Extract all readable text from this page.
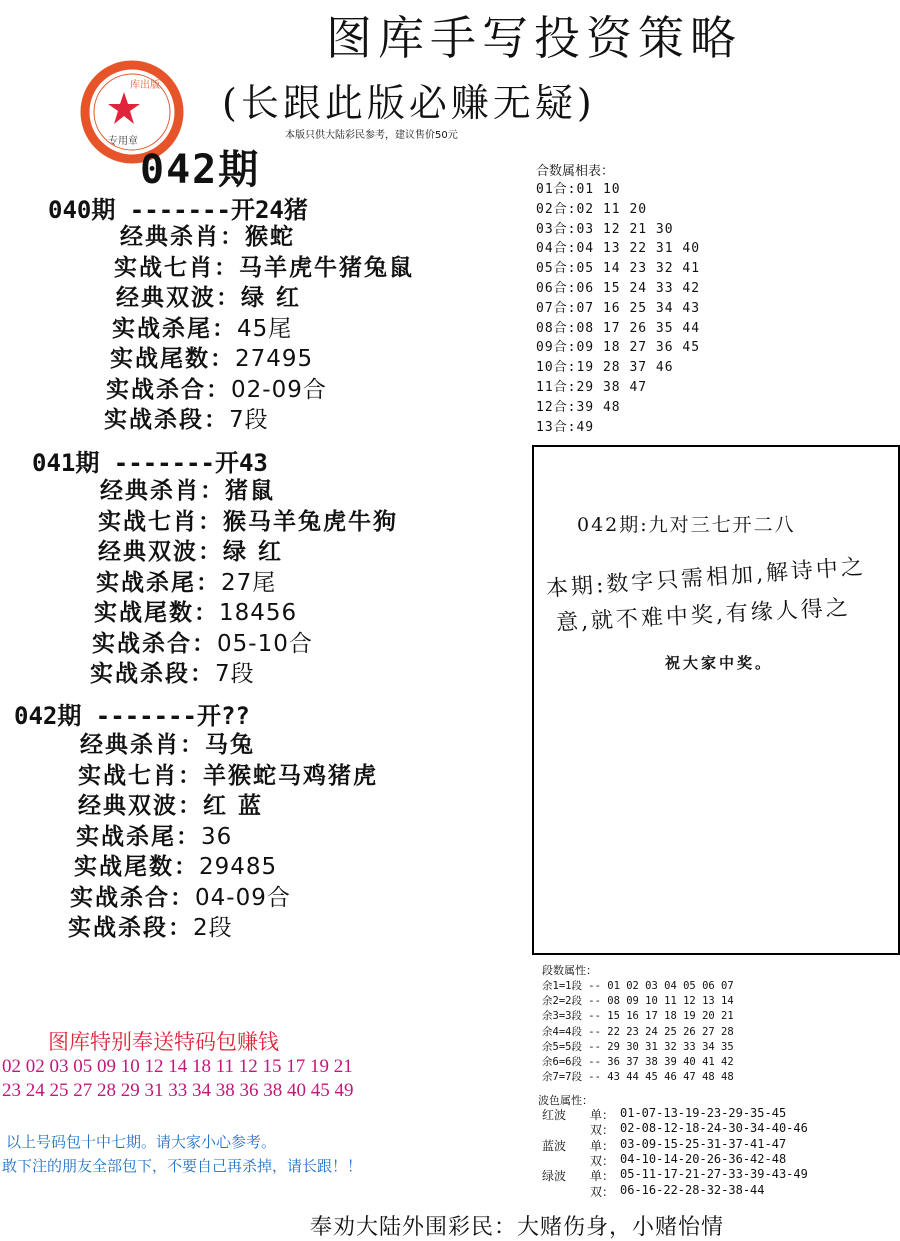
图库手写投资策略
(长跟此版必赚无疑)
本版只供大陆彩民参考，建议售价50元
库出版
专用章
042期
040期 -------开24猪
经典杀肖：猴蛇
实战七肖：马羊虎牛猪兔鼠
经典双波：绿 红
实战杀尾：45尾
实战尾数：27495
实战杀合：02-09合
实战杀段：7段
041期 -------开43
经典杀肖：猪鼠
实战七肖：猴马羊兔虎牛狗
经典双波：绿 红
实战杀尾：27尾
实战尾数：18456
实战杀合：05-10合
实战杀段：7段
042期 -------开??
经典杀肖：马兔
实战七肖：羊猴蛇马鸡猪虎
经典双波：红 蓝
实战杀尾：36
实战尾数：29485
实战杀合：04-09合
实战杀段：2段
合数属相表：
01合:01 10
02合:02 11 20
03合:03 12 21 30
04合:04 13 22 31 40
05合:05 14 23 32 41
06合:06 15 24 33 42
07合:07 16 25 34 43
08合:08 17 26 35 44
09合:09 18 27 36 45
10合:19 28 37 46
11合:29 38 47
12合:39 48
13合:49
042期:九对三七开二八
本期:数字只需相加,解诗中之
意,就不难中奖,有缘人得之
祝大家中奖。
图库特别奉送特码包赚钱
02 02 03 05 09 10 12 14 18 11 12 15 17 19 21
23 24 25 27 28 29 31 33 34 38 36 38 40 45 49
以上号码包十中七期。请大家小心参考。
敢下注的朋友全部包下，不要自己再杀掉，请长跟！！
段数属性：
余1=1段 -- 01 02 03 04 05 06 07
余2=2段 -- 08 09 10 11 12 13 14
余3=3段 -- 15 16 17 18 19 20 21
余4=4段 -- 22 23 24 25 26 27 28
余5=5段 -- 29 30 31 32 33 34 35
余6=6段 -- 36 37 38 39 40 41 42
余7=7段 -- 43 44 45 46 47 48 48
波色属性：
红波 单： 01-07-13-19-23-29-35-45
双： 02-08-12-18-24-30-34-40-46
蓝波 单： 03-09-15-25-31-37-41-47
双： 04-10-14-20-26-36-42-48
绿波 单： 05-11-17-21-27-33-39-43-49
双： 06-16-22-28-32-38-44
奉劝大陆外围彩民：大赌伤身，小赌怡情
